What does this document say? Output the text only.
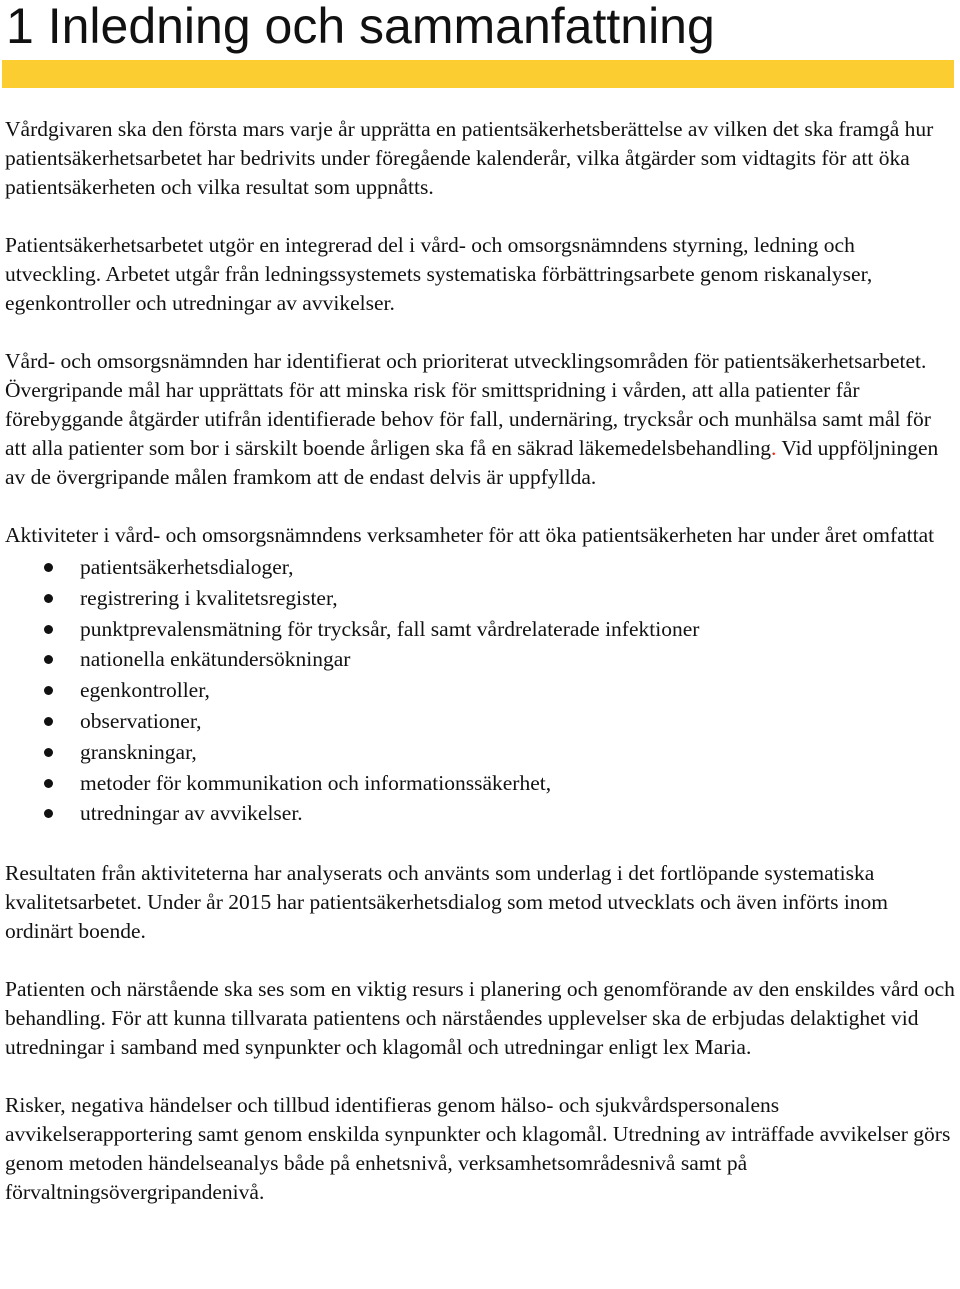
1 Inledning och sammanfattning

Vårdgivaren ska den första mars varje år upprätta en patientsäkerhetsberättelse av vilken det ska framgå hur patientsäkerhetsarbetet har bedrivits under föregående kalenderår, vilka åtgärder som vidtagits för att öka patientsäkerheten och vilka resultat som uppnåtts.

Patientsäkerhetsarbetet utgör en integrerad del i vård- och omsorgsnämndens styrning, ledning och utveckling. Arbetet utgår från ledningssystemets systematiska förbättringsarbete genom riskanalyser, egenkontroller och utredningar av avvikelser.

Vård- och omsorgsnämnden har identifierat och prioriterat utvecklingsområden för patientsäkerhetsarbetet. Övergripande mål har upprättats för att minska risk för smittspridning i vården, att alla patienter får förebyggande åtgärder utifrån identifierade behov för fall, undernäring, trycksår och munhälsa samt mål för att alla patienter som bor i särskilt boende årligen ska få en säkrad läkemedelsbehandling. Vid uppföljningen av de övergripande målen framkom att de endast delvis är uppfyllda.

Aktiviteter i vård- och omsorgsnämndens verksamheter för att öka patientsäkerheten har under året omfattat

patientsäkerhetsdialoger,
registrering i kvalitetsregister,
punktprevalensmätning för trycksår, fall samt vårdrelaterade infektioner
nationella enkätundersökningar
egenkontroller,
observationer,
granskningar,
metoder för kommunikation och informationssäkerhet,
utredningar av avvikelser.

Resultaten från aktiviteterna har analyserats och använts som underlag i det fortlöpande systematiska kvalitetsarbetet. Under år 2015 har patientsäkerhetsdialog som metod utvecklats och även införts inom ordinärt boende.

Patienten och närstående ska ses som en viktig resurs i planering och genomförande av den enskildes vård och behandling. För att kunna tillvarata patientens och närståendes upplevelser ska de erbjudas delaktighet vid utredningar i samband med synpunkter och klagomål och utredningar enligt lex Maria.

Risker, negativa händelser och tillbud identifieras genom hälso- och sjukvårdspersonalens avvikelserapportering samt genom enskilda synpunkter och klagomål. Utredning av inträffade avvikelser görs genom metoden händelseanalys både på enhetsnivå, verksamhetsområdesnivå samt på förvaltningsövergripandenivå.
